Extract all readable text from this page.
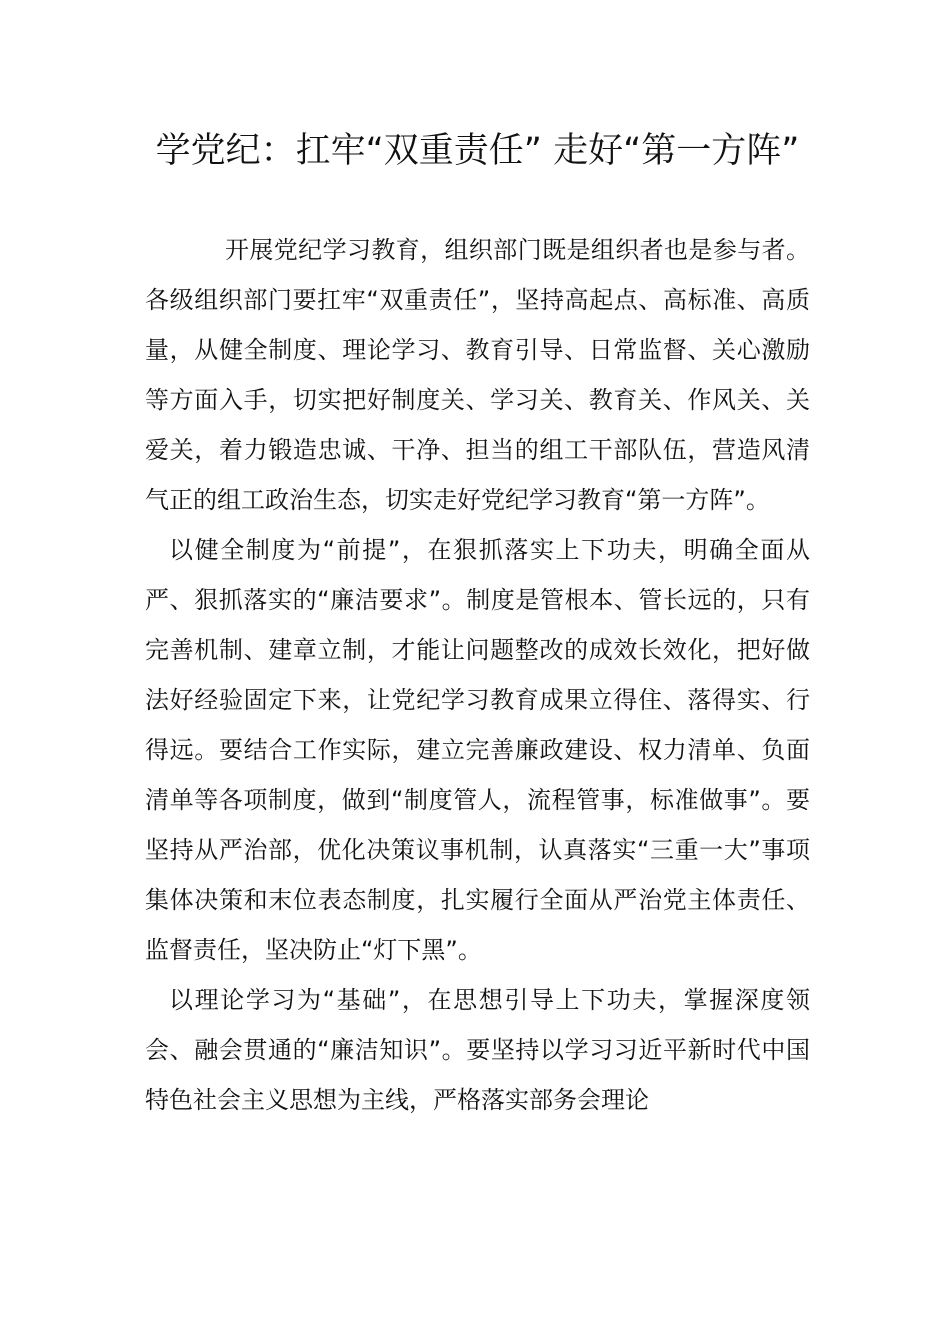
学党纪：扛牢“双重责任” 走好“第一方阵”

开展党纪学习教育，组织部门既是组织者也是参与者。各级组织部门要扛牢“双重责任”，坚持高起点、高标准、高质量，从健全制度、理论学习、教育引导、日常监督、关心激励等方面入手，切实把好制度关、学习关、教育关、作风关、关爱关，着力锻造忠诚、干净、担当的组工干部队伍，营造风清气正的组工政治生态，切实走好党纪学习教育“第一方阵”。

以健全制度为“前提”，在狠抓落实上下功夫，明确全面从严、狠抓落实的“廉洁要求”。制度是管根本、管长远的，只有完善机制、建章立制，才能让问题整改的成效长效化，把好做法好经验固定下来，让党纪学习教育成果立得住、落得实、行得远。要结合工作实际，建立完善廉政建设、权力清单、负面清单等各项制度，做到“制度管人，流程管事，标准做事”。要坚持从严治部，优化决策议事机制，认真落实“三重一大”事项集体决策和末位表态制度，扎实履行全面从严治党主体责任、监督责任，坚决防止“灯下黑”。

以理论学习为“基础”，在思想引导上下功夫，掌握深度领会、融会贯通的“廉洁知识”。要坚持以学习习近平新时代中国特色社会主义思想为主线，严格落实部务会理论
